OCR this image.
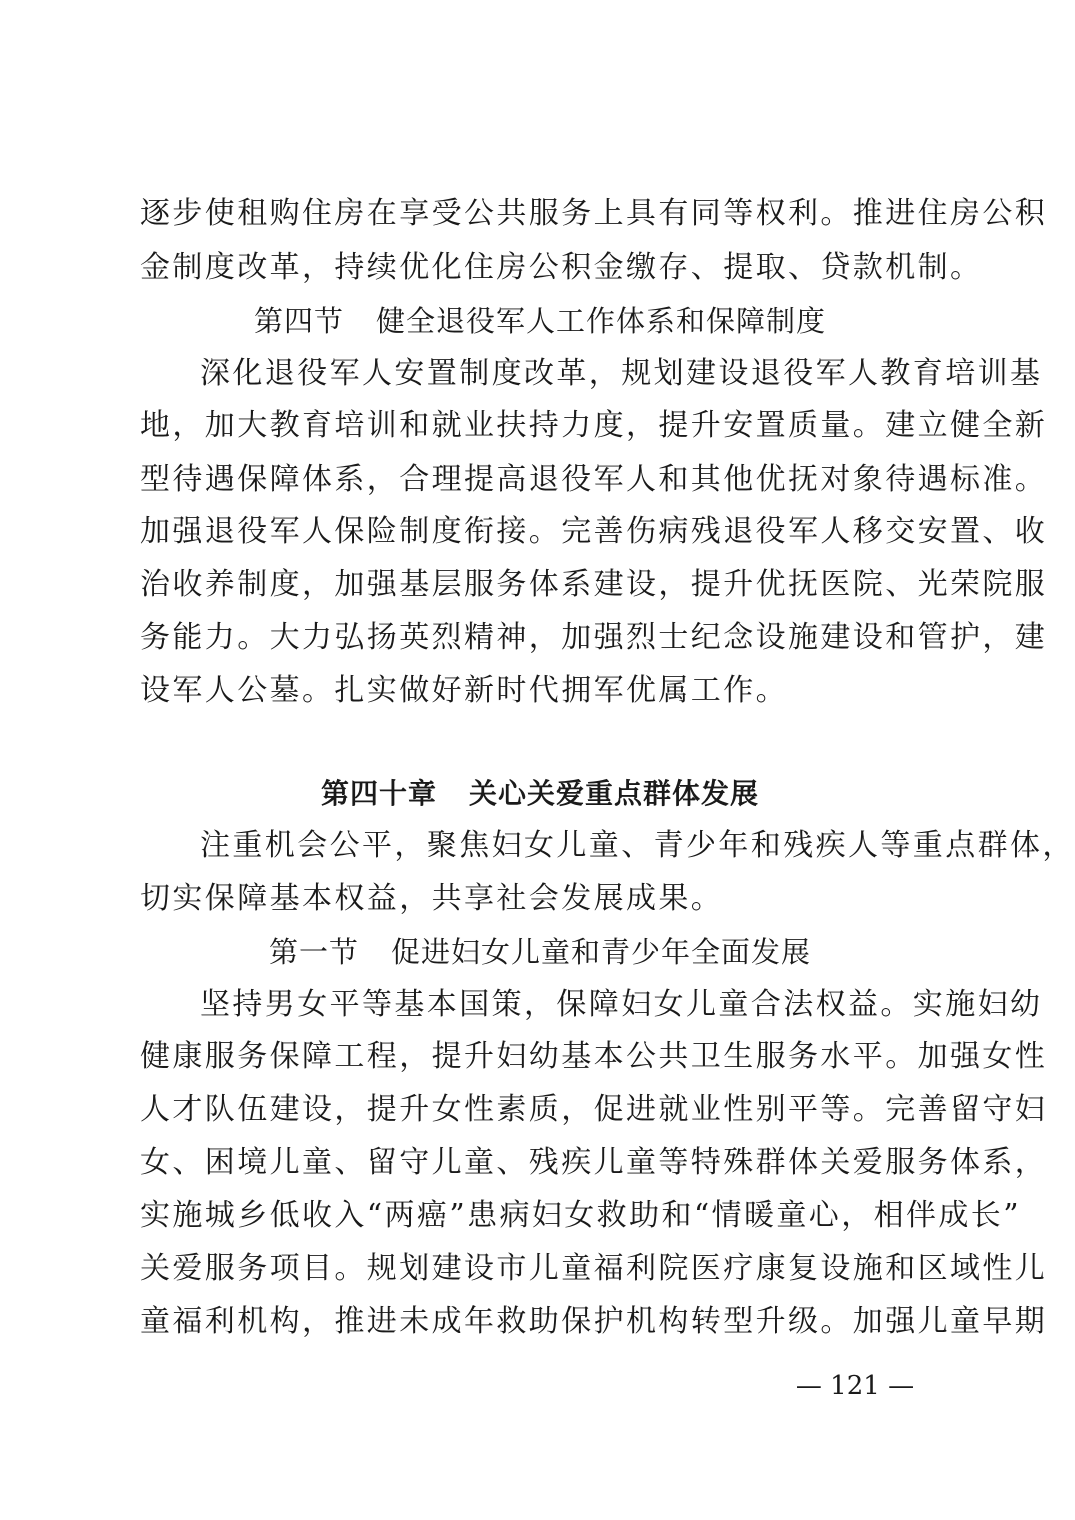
逐步使租购住房在享受公共服务上具有同等权利。推进住房公积
金制度改革，持续优化住房公积金缴存、提取、贷款机制。
第四节 健全退役军人工作体系和保障制度
深化退役军人安置制度改革，规划建设退役军人教育培训基
地，加大教育培训和就业扶持力度，提升安置质量。建立健全新
型待遇保障体系，合理提高退役军人和其他优抚对象待遇标准。
加强退役军人保险制度衔接。完善伤病残退役军人移交安置、收
治收养制度，加强基层服务体系建设，提升优抚医院、光荣院服
务能力。大力弘扬英烈精神，加强烈士纪念设施建设和管护，建
设军人公墓。扎实做好新时代拥军优属工作。
第四十章 关心关爱重点群体发展
注重机会公平，聚焦妇女儿童、青少年和残疾人等重点群体，
切实保障基本权益，共享社会发展成果。
第一节 促进妇女儿童和青少年全面发展
坚持男女平等基本国策，保障妇女儿童合法权益。实施妇幼
健康服务保障工程，提升妇幼基本公共卫生服务水平。加强女性
人才队伍建设，提升女性素质，促进就业性别平等。完善留守妇
女、困境儿童、留守儿童、残疾儿童等特殊群体关爱服务体系，
实施城乡低收入“两癌”患病妇女救助和“情暖童心，相伴成长”
关爱服务项目。规划建设市儿童福利院医疗康复设施和区域性儿
童福利机构，推进未成年救助保护机构转型升级。加强儿童早期
— 121 —
